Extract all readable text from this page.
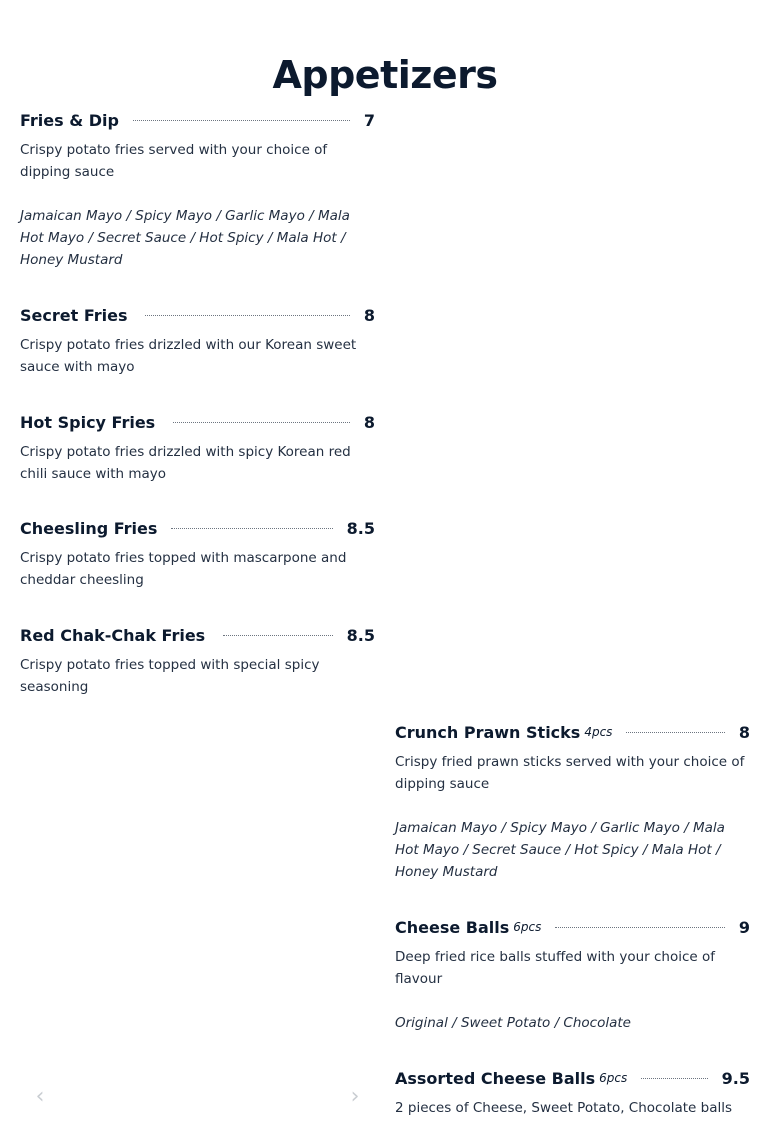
Appetizers
Fries & Dip	7
Crispy potato fries served with your choice of dipping sauce
Jamaican Mayo / Spicy Mayo / Garlic Mayo / Mala Hot Mayo / Secret Sauce / Hot Spicy / Mala Hot / Honey Mustard
Secret Fries	8
Crispy potato fries drizzled with our Korean sweet sauce with mayo
Hot Spicy Fries	8
Crispy potato fries drizzled with spicy Korean red chili sauce with mayo
Cheesling Fries	8.5
Crispy potato fries topped with mascarpone and cheddar cheesling
Red Chak-Chak Fries	8.5
Crispy potato fries topped with special spicy seasoning
Crunch Prawn Sticks 4pcs	8
Crispy fried prawn sticks served with your choice of dipping sauce
Jamaican Mayo / Spicy Mayo / Garlic Mayo / Mala Hot Mayo / Secret Sauce / Hot Spicy / Mala Hot / Honey Mustard
Cheese Balls 6pcs	9
Deep fried rice balls stuffed with your choice of flavour
Original / Sweet Potato / Chocolate
Assorted Cheese Balls 6pcs	9.5
2 pieces of Cheese, Sweet Potato, Chocolate balls
‹	›
